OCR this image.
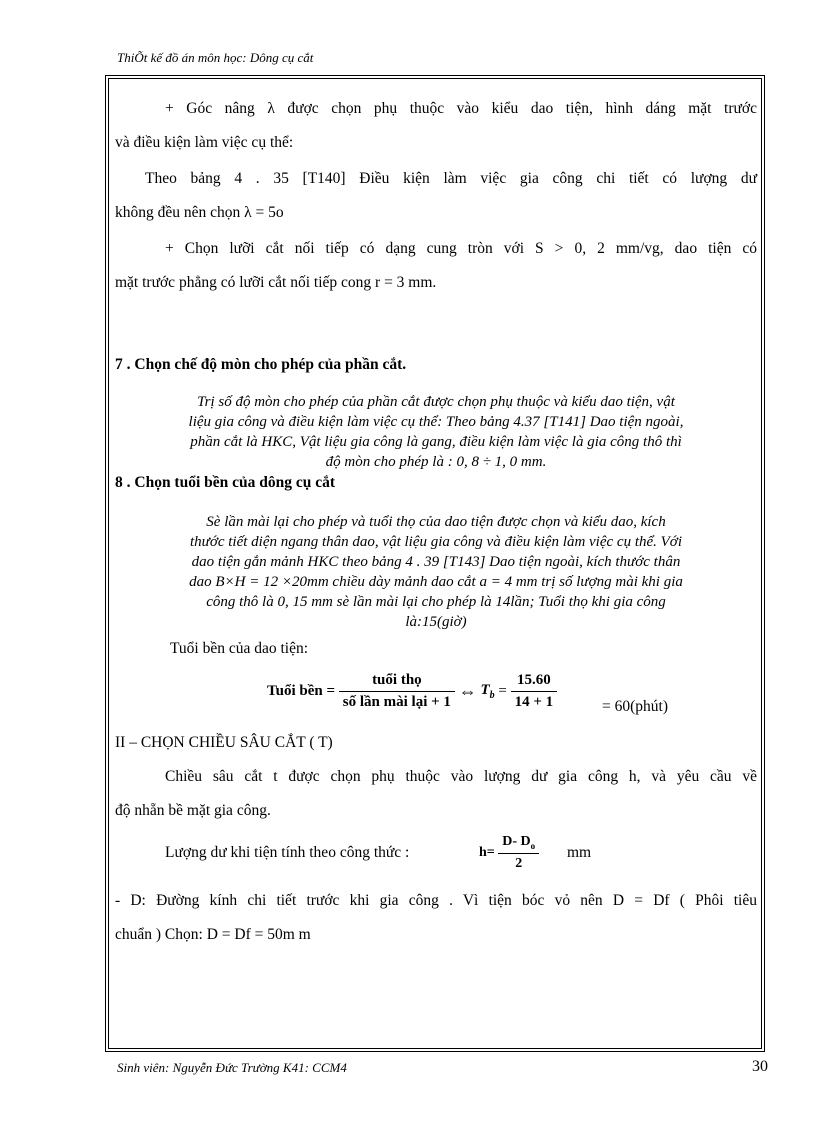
ThiÕt kế đồ án môn học: Dông cụ cắt

+ Góc nâng λ được chọn phụ thuộc vào kiểu dao tiện, hình dáng mặt trước

và điều kiện làm việc cụ thể:

Theo bảng 4 . 35 [T140] Điều kiện làm việc gia công chi tiết có lượng dư

không đều nên chọn λ = 5o

+ Chọn lưỡi cắt nối tiếp có dạng cung tròn với S > 0, 2 mm/vg, dao tiện có

mặt trước phẳng có lưỡi cắt nối tiếp cong r = 3 mm.

7 . Chọn chế độ mòn cho phép của phần cắt.

Trị số độ mòn cho phép của phần cắt được chọn phụ thuộc và kiểu dao tiện, vật

liệu gia công và điều kiện làm việc cụ thể: Theo bảng 4.37 [T141] Dao tiện ngoài,

phần cắt là HKC, Vật liệu gia công là gang, điều kiện làm việc là gia công thô thì

độ mòn cho phép là : 0, 8 ÷ 1, 0 mm.

8 . Chọn tuổi bền của dông cụ cắt

Sè lần mài lại cho phép và tuổi thọ của dao tiện được chọn và kiểu dao, kích

thước tiết diện ngang thân dao, vật liệu gia công và điều kiện làm việc cụ thể. Với

dao tiện gắn mảnh HKC theo bảng 4 . 39 [T143] Dao tiện ngoài, kích thước thân

dao B×H = 12 ×20mm chiều dày mảnh dao cắt a = 4 mm trị số lượng mài khi gia

công thô là 0, 15 mm sè lần mài lại cho phép là 14lần; Tuổi thọ khi gia công

là:15(giờ)

Tuổi bền của dao tiện:

Tuổi bền = $\frac{\text{tuổi thọ}}{\text{số lần mài lại + 1}}$ ⇔ $T_b = \frac{15.60}{14 + 1}$	= 60(phút)

II – CHỌN CHIỀU SÂU CẮT ( T)

Chiều sâu cắt t được chọn phụ thuộc vào lượng dư gia công h, và yêu cầu về

độ nhẵn bề mặt gia công.

Lượng dư khi tiện tính theo công thức :	$h= \frac{D- D_o}{2}$ mm

- D: Đường kính chi tiết trước khi gia công . Vì tiện bóc vỏ nên D = Df ( Phôi tiêu

chuẩn ) Chọn: D = Df = 50m m

Sinh viên: Nguyễn Đức Trường K41: CCM4	30
